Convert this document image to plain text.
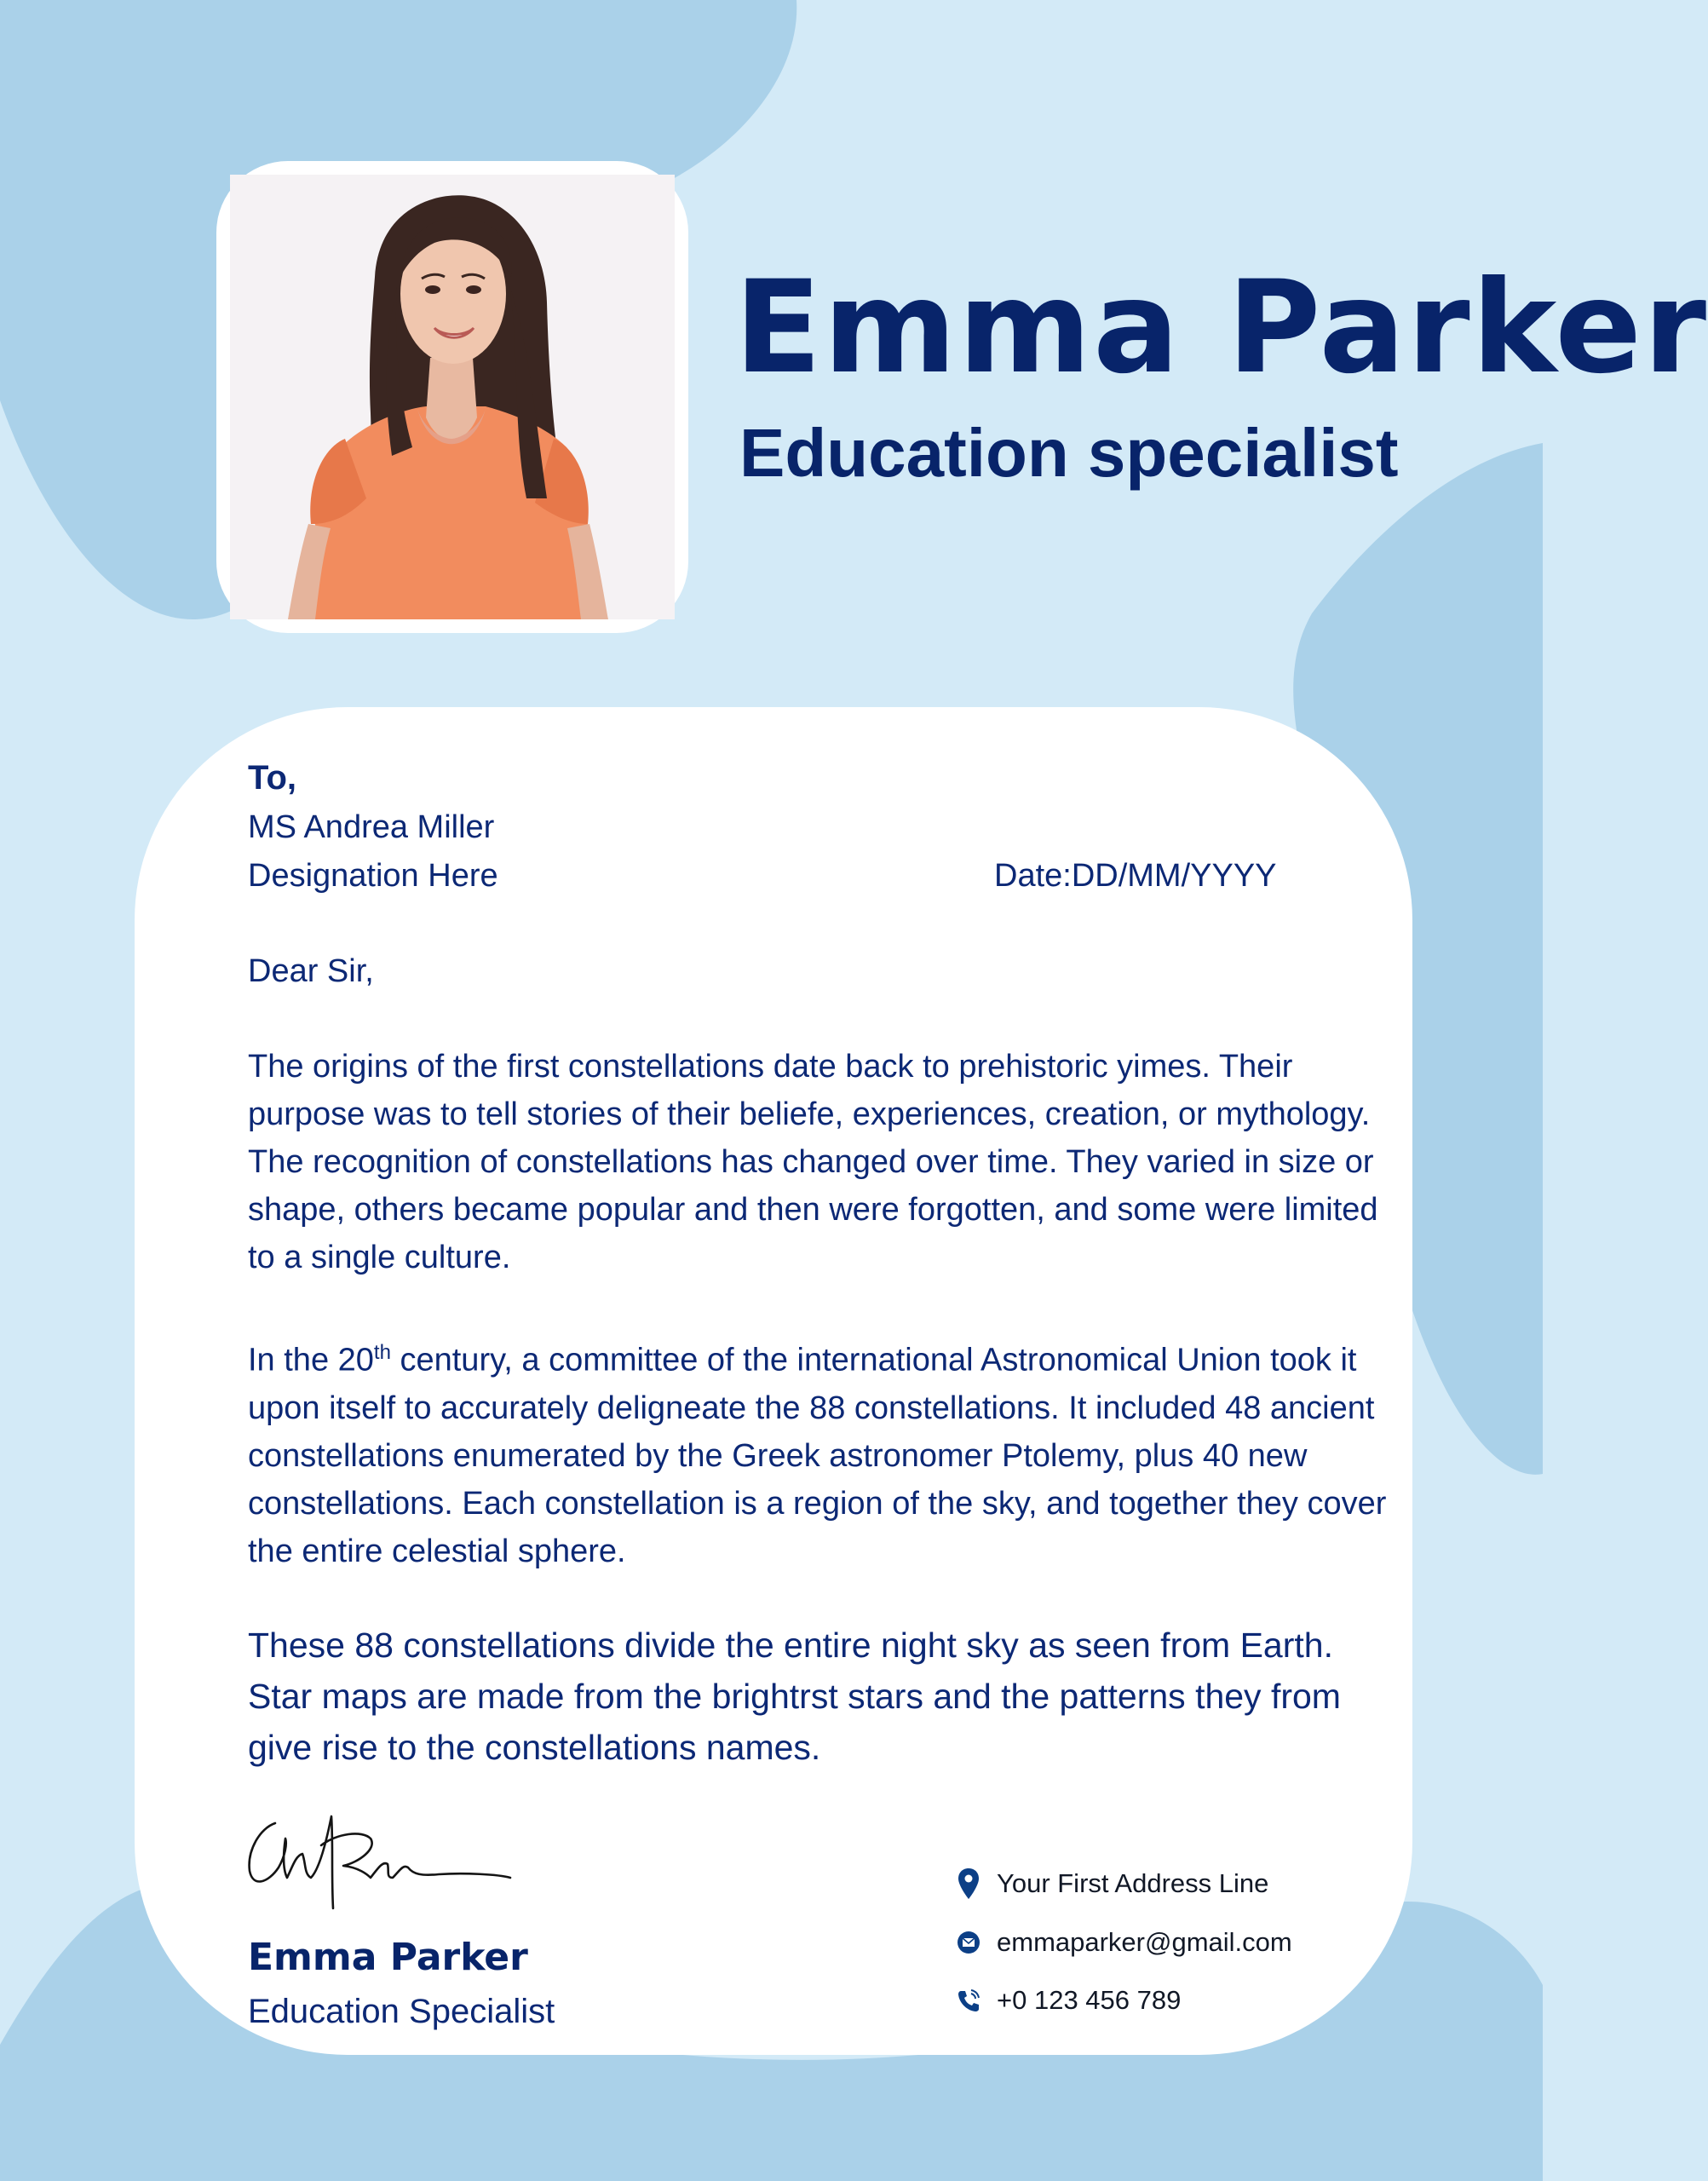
Emma Parker
Education specialist

To,

MS Andrea Miller

Designation Here	Date:DD/MM/YYYY

Dear Sir,

The origins of the first constellations date back to prehistoric yimes. Their purpose was to tell stories of their beliefe, experiences, creation, or mythology. The recognition of constellations has changed over time. They varied in size or shape, others became popular and then were forgotten, and some were limited to a single culture.

In the 20th century, a committee of the international Astronomical Union took it upon itself to accurately deligneate the 88 constellations. It included 48 ancient constellations enumerated by the Greek astronomer Ptolemy, plus 40 new constellations. Each constellation is a region of the sky, and together they cover the entire celestial sphere.

These 88 constellations divide the entire night sky as seen from Earth. Star maps are made from the brightrst stars and the patterns they from give rise to the constellations names.

Emma Parker

Education Specialist

Your First Address Line
emmaparker@gmail.com
+0 123 456 789
